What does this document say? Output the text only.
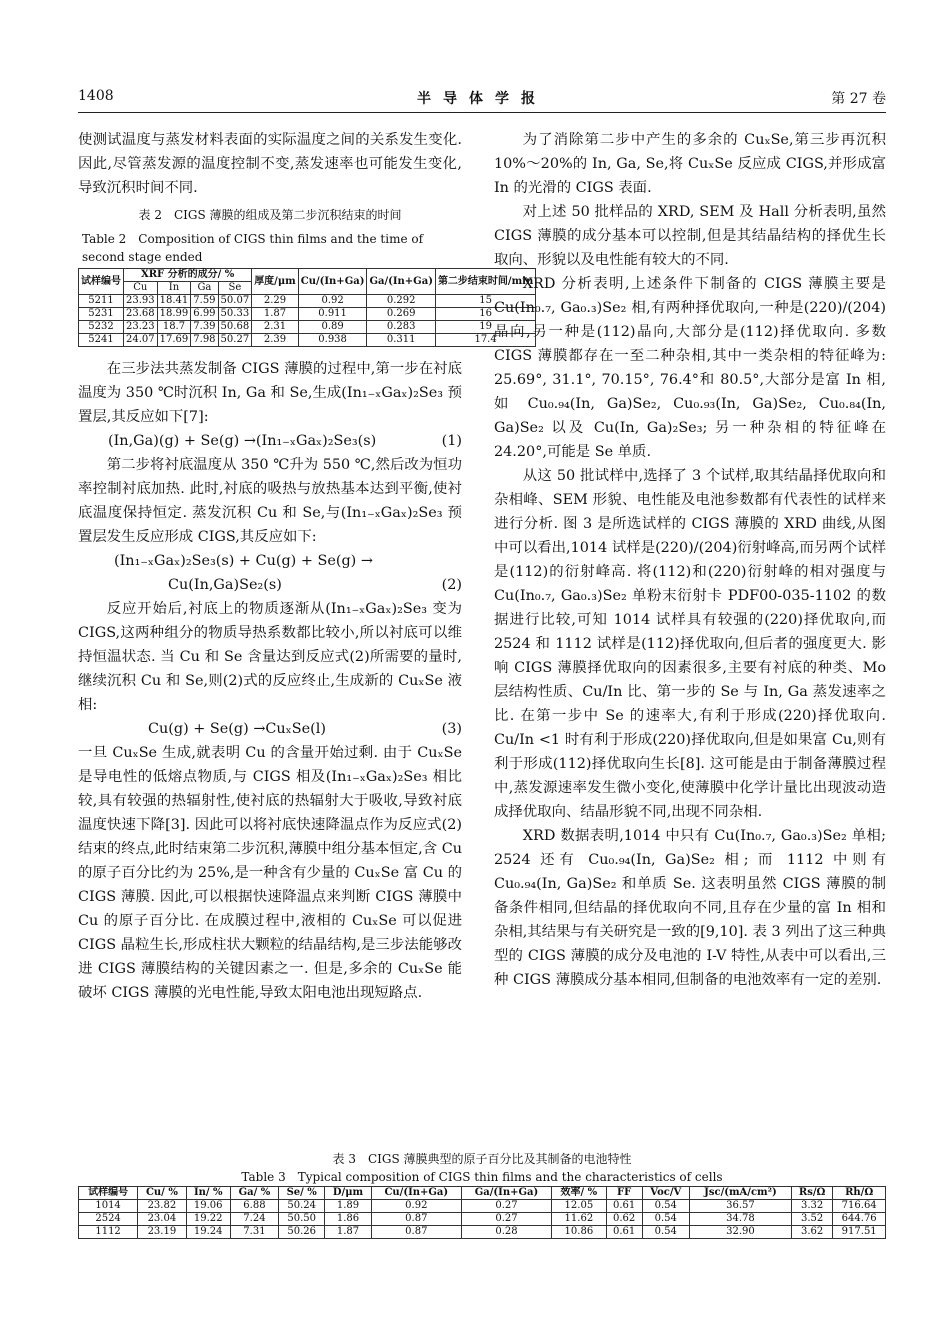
1408	半导体学报	第 27 卷

使测试温度与蒸发材料表面的实际温度之间的关系发生变化. 因此,尽管蒸发源的温度控制不变,蒸发速率也可能发生变化,导致沉积时间不同.

表 2　CIGS 薄膜的组成及第二步沉积结束的时间
Table 2　Composition of CIGS thin films and the time of second stage ended
试样编号	XRF 分析的成分/ %				厚度/μm	Cu/(In+Ga)	Ga/(In+Ga)	第二步结束时间/min
	Cu	In	Ga	Se				
5211	23.93	18.41	7.59	50.07	2.29	0.92	0.292	15
5231	23.68	18.99	6.99	50.33	1.87	0.911	0.269	16
5232	23.23	18.7	7.39	50.68	2.31	0.89	0.283	19
5241	24.07	17.69	7.98	50.27	2.39	0.938	0.311	17.4

在三步法共蒸发制备 CIGS 薄膜的过程中,第一步在衬底温度为 350 ℃时沉积 In, Ga 和 Se,生成(In₁₋ₓGaₓ)₂Se₃ 预置层,其反应如下[7]:

(In,Ga)(g) + Se(g) →(In₁₋ₓGaₓ)₂Se₃(s)	(1)

第二步将衬底温度从 350 ℃升为 550 ℃,然后改为恒功率控制衬底加热. 此时,衬底的吸热与放热基本达到平衡,使衬底温度保持恒定. 蒸发沉积 Cu 和 Se,与(In₁₋ₓGaₓ)₂Se₃ 预置层发生反应形成 CIGS,其反应如下:

(In₁₋ₓGaₓ)₂Se₃(s) + Cu(g) + Se(g) →
Cu(In,Ga)Se₂(s)	(2)

反应开始后,衬底上的物质逐渐从(In₁₋ₓGaₓ)₂Se₃ 变为 CIGS,这两种组分的物质导热系数都比较小,所以衬底可以维持恒温状态. 当 Cu 和 Se 含量达到反应式(2)所需要的量时,继续沉积 Cu 和 Se,则(2)式的反应终止,生成新的 CuₓSe 液相:

Cu(g) + Se(g) →CuₓSe(l)	(3)

一旦 CuₓSe 生成,就表明 Cu 的含量开始过剩. 由于 CuₓSe 是导电性的低熔点物质,与 CIGS 相及(In₁₋ₓGaₓ)₂Se₃ 相比较,具有较强的热辐射性,使衬底的热辐射大于吸收,导致衬底温度快速下降[3]. 因此可以将衬底快速降温点作为反应式(2)结束的终点,此时结束第二步沉积,薄膜中组分基本恒定,含 Cu 的原子百分比约为 25%,是一种含有少量的 CuₓSe 富 Cu 的 CIGS 薄膜. 因此,可以根据快速降温点来判断 CIGS 薄膜中 Cu 的原子百分比. 在成膜过程中,液相的 CuₓSe 可以促进 CIGS 晶粒生长,形成柱状大颗粒的结晶结构,是三步法能够改进 CIGS 薄膜结构的关键因素之一. 但是,多余的 CuₓSe 能破坏 CIGS 薄膜的光电性能,导致太阳电池出现短路点.

为了消除第二步中产生的多余的 CuₓSe,第三步再沉积 10%～20%的 In, Ga, Se,将 CuₓSe 反应成 CIGS,并形成富 In 的光滑的 CIGS 表面.

对上述 50 批样品的 XRD, SEM 及 Hall 分析表明,虽然 CIGS 薄膜的成分基本可以控制,但是其结晶结构的择优生长取向、形貌以及电性能有较大的不同.

XRD 分析表明,上述条件下制备的 CIGS 薄膜主要是 Cu(In₀.₇, Ga₀.₃)Se₂ 相,有两种择优取向,一种是(220)/(204)晶向,另一种是(112)晶向,大部分是(112)择优取向. 多数 CIGS 薄膜都存在一至二种杂相,其中一类杂相的特征峰为: 25.69°, 31.1°, 70.15°, 76.4°和 80.5°,大部分是富 In 相,如 Cu₀.₉₄(In, Ga)Se₂, Cu₀.₉₃(In, Ga)Se₂, Cu₀.₈₄(In, Ga)Se₂ 以及 Cu(In, Ga)₂Se₃; 另一种杂相的特征峰在 24.20°,可能是 Se 单质.

从这 50 批试样中,选择了 3 个试样,取其结晶择优取向和杂相峰、SEM 形貌、电性能及电池参数都有代表性的试样来进行分析. 图 3 是所选试样的 CIGS 薄膜的 XRD 曲线,从图中可以看出,1014 试样是(220)/(204)衍射峰高,而另两个试样是(112)的衍射峰高. 将(112)和(220)衍射峰的相对强度与 Cu(In₀.₇, Ga₀.₃)Se₂ 单粉末衍射卡 PDF00-035-1102 的数据进行比较,可知 1014 试样具有较强的(220)择优取向,而 2524 和 1112 试样是(112)择优取向,但后者的强度更大. 影响 CIGS 薄膜择优取向的因素很多,主要有衬底的种类、Mo 层结构性质、Cu/In 比、第一步的 Se 与 In, Ga 蒸发速率之比. 在第一步中 Se 的速率大,有利于形成(220)择优取向. Cu/In <1 时有利于形成(220)择优取向,但是如果富 Cu,则有利于形成(112)择优取向生长[8]. 这可能是由于制备薄膜过程中,蒸发源速率发生微小变化,使薄膜中化学计量比出现波动造成择优取向、结晶形貌不同,出现不同杂相.

XRD 数据表明,1014 中只有 Cu(In₀.₇, Ga₀.₃)Se₂ 单相; 2524 还有 Cu₀.₉₄(In, Ga)Se₂ 相; 而 1112 中则有 Cu₀.₉₄(In, Ga)Se₂ 和单质 Se. 这表明虽然 CIGS 薄膜的制备条件相同,但结晶的择优取向不同,且存在少量的富 In 相和杂相,其结果与有关研究是一致的[9,10]. 表 3 列出了这三种典型的 CIGS 薄膜的成分及电池的 I-V 特性,从表中可以看出,三种 CIGS 薄膜成分基本相同,但制备的电池效率有一定的差别.

表 3　CIGS 薄膜典型的原子百分比及其制备的电池特性
Table 3　Typical composition of CIGS thin films and the characteristics of cells
试样编号	Cu/ %	In/ %	Ga/ %	Se/ %	D/μm	Cu/(In+Ga)	Ga/(In+Ga)	效率/ %	FF	Voc/V	Jsc/(mA/cm²)	Rs/Ω	Rh/Ω
1014	23.82	19.06	6.88	50.24	1.89	0.92	0.27	12.05	0.61	0.54	36.57	3.32	716.64
2524	23.04	19.22	7.24	50.50	1.86	0.87	0.27	11.62	0.62	0.54	34.78	3.52	644.76
1112	23.19	19.24	7.31	50.26	1.87	0.87	0.28	10.86	0.61	0.54	32.90	3.62	917.51
